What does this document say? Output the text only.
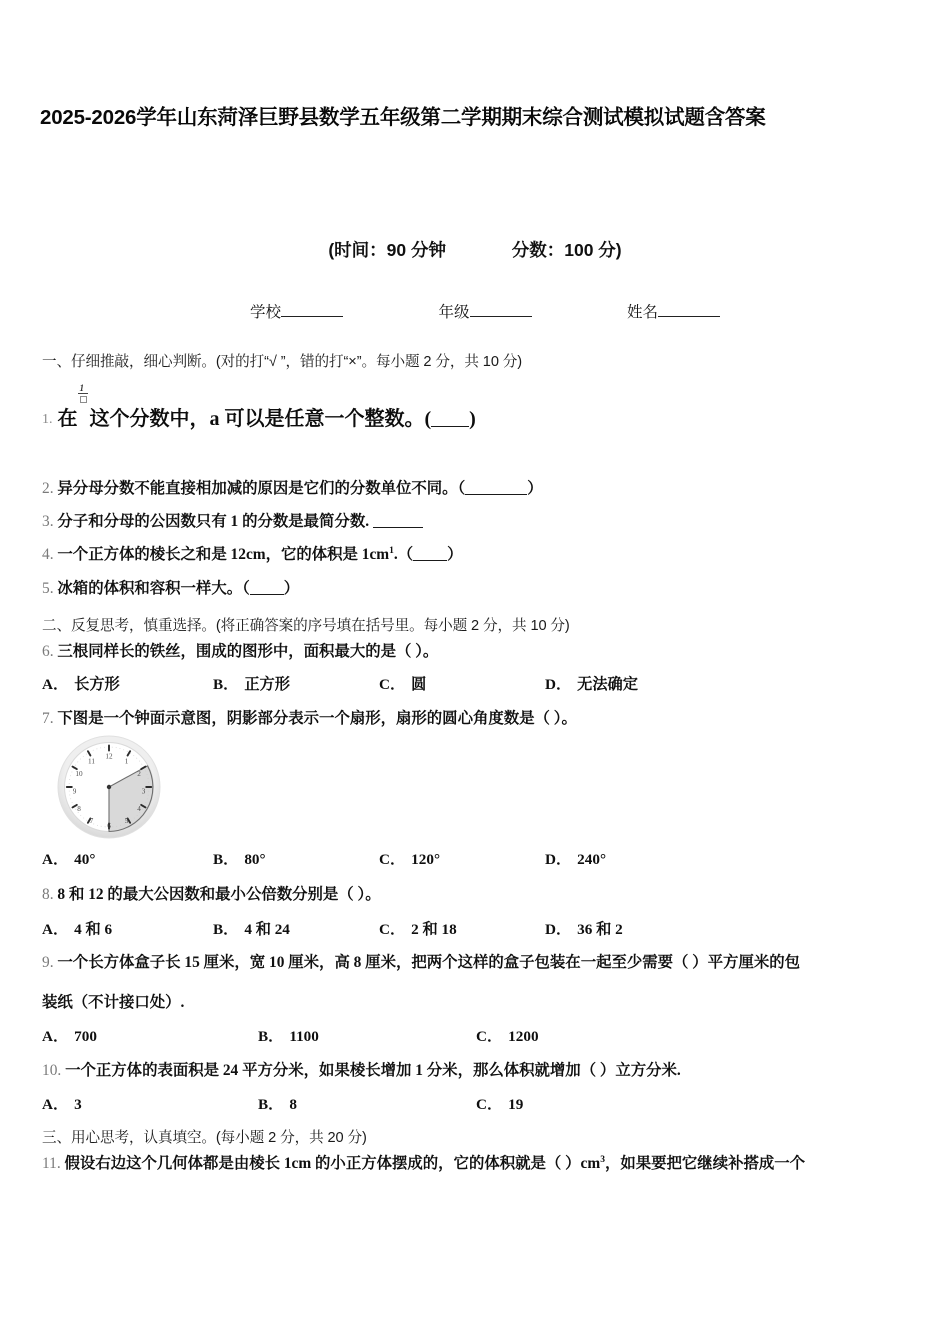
2025-2026学年山东菏泽巨野县数学五年级第二学期期末综合测试模拟试题含答案
(时间：90 分钟	分数：100 分)
学校	年级	姓名
一、仔细推敲，细心判断。(对的打“√ ”，错的打“×”。每小题 2 分，共 10 分)
1. 在
1
这个分数中，a 可以是任意一个整数。( )
2. 异分母分数不能直接相加减的原因是它们的分数单位不同。（	）
3. 分子和分母的公因数只有 1 的分数是最简分数.
4. 一个正方体的棱长之和是 12cm，它的体积是 $1cm^1$.（ ）
5. 冰箱的体积和容积一样大。（ ）
二、反复思考，慎重选择。(将正确答案的序号填在括号里。每小题 2 分，共 10 分)
6. 三根同样长的铁丝，围成的图形中，面积最大的是（ ）。
A． 长方形	B． 正方形	C． 圆	D． 无法确定
7. 下图是一个钟面示意图，阴影部分表示一个扇形，扇形的圆心角度数是（ ）。
12
1
2
3
4
5
6
7
8
9
10
11
A． 40°	B． 80°	C． 120°	D． 240°
8. 8 和 12 的最大公因数和最小公倍数分别是（ ）。
A． 4 和 6	B． 4 和 24	C． 2 和 18	D． 36 和 2
9. 一个长方体盒子长 15 厘米，宽 10 厘米，高 8 厘米，把两个这样的盒子包装在一起至少需要（ ）平方厘米的包
装纸（不计接口处）.
A． 700	B． 1100	C． 1200
10. 一个正方体的表面积是 24 平方分米，如果棱长增加 1 分米，那么体积就增加（ ）立方分米.
A． 3	B． 8	C． 19
三、用心思考，认真填空。(每小题 2 分，共 20 分)
11. 假设右边这个几何体都是由棱长 1cm 的小正方体摆成的，它的体积就是（ ）$cm^3$，如果要把它继续补搭成一个
